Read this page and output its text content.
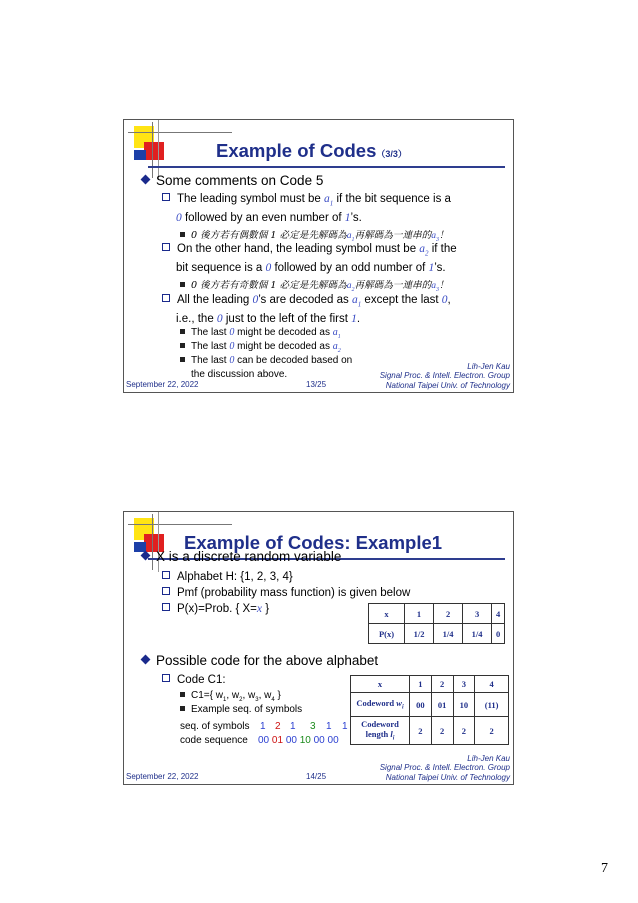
Example of Codes（3/3）
Some comments on Code 5
The leading symbol must be $a_1$ if the bit sequence is a
0 followed by an even number of 1’s.
0 後方若有偶數個 1 必定是先解碼為$a_1$再解碼為一連串的$a_3$！
On the other hand, the leading symbol must be $a_2$ if the
bit sequence is a 0 followed by an odd number of 1’s.
0 後方若有奇數個 1 必定是先解碼為$a_2$再解碼為一連串的$a_3$！
All the leading 0’s are decoded as $a_1$ except the last 0,
i.e., the 0 just to the left of the first 1.
The last 0 might be decoded as $a_1$
The last 0 might be decoded as $a_2$
The last 0 can be decoded based on
the discussion above.
September 22, 2022	13/25
Lih-Jen Kau
Signal Proc. & Intell. Electron. Group
National Taipei Univ. of Technology
Example of Codes: Example1
X is a discrete random variable
Alphabet H: {1, 2, 3, 4}
Pmf (probability mass function) is given below
P(x)=Prob. { X=x }	x	1	2	3	4
P(x)	1/2	1/4	1/4	0
Possible code for the above alphabet
Code C1:
C1={ $w_1$, $w_2$, $w_3$, $w_4$ }
Example seq. of symbols
seq. of symbols 1 2 1 3 1 1
code sequence 00 01 00 10 00 00
x	1	2	3	4
Codeword $w_i$	00	01	10	(11)
Codeword
length $l_i$	2	2	2	2
September 22, 2022	14/25
Lih-Jen Kau
Signal Proc. & Intell. Electron. Group
National Taipei Univ. of Technology
7
